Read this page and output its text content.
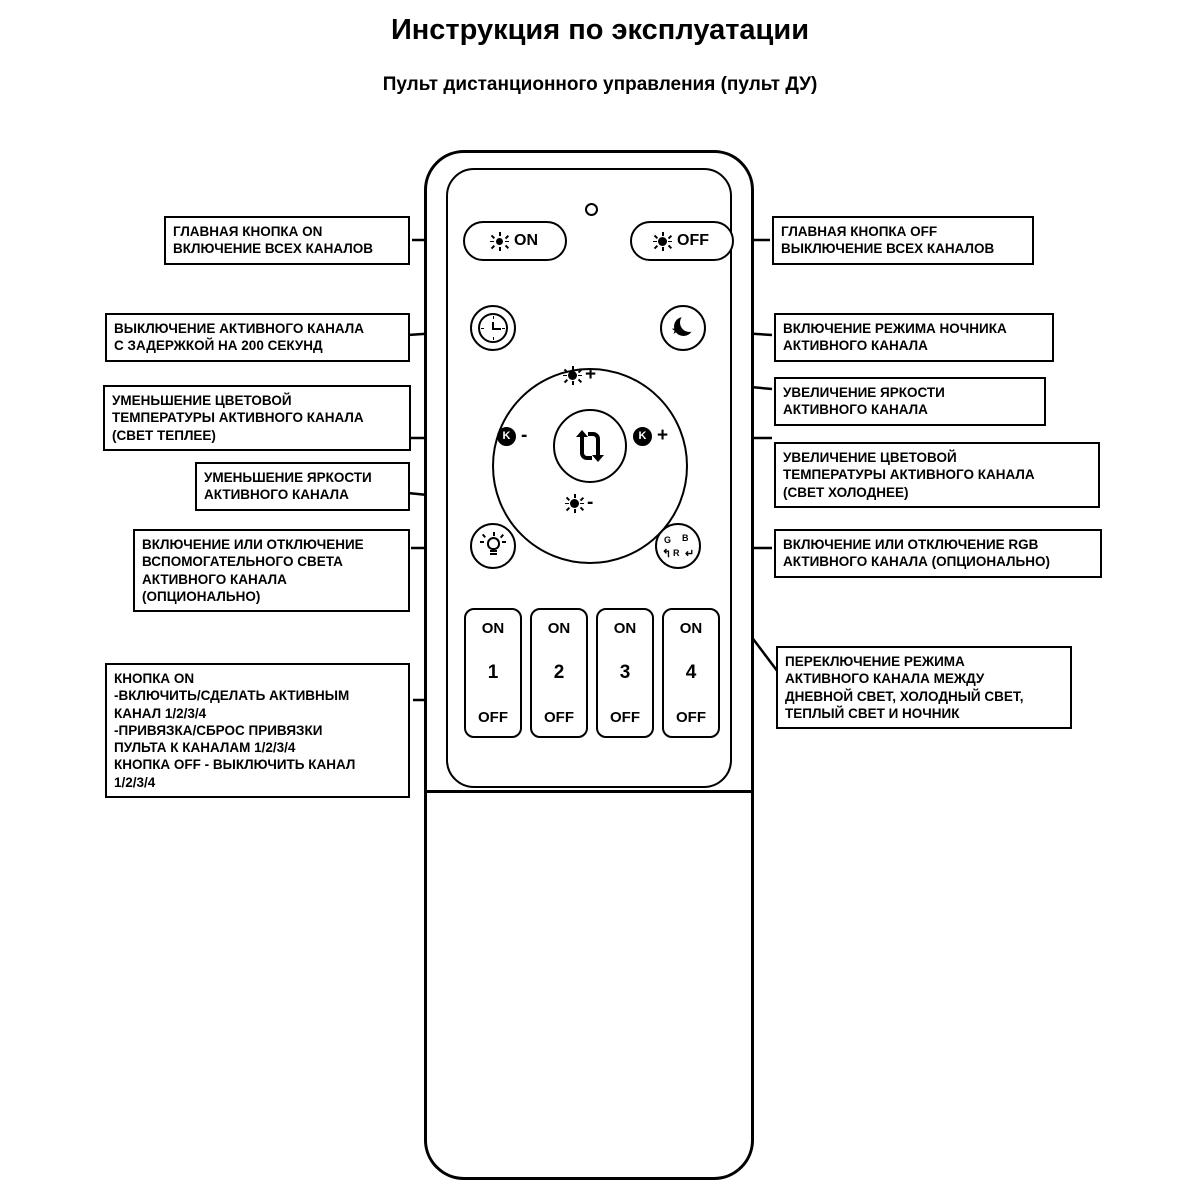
Инструкция по эксплуатации
Пульт дистанционного управления (пульт ДУ)
ON	OFF
★
G B
R ↵
↰
+
-
K -	K +
ON
1
OFF
ON
2
OFF
ON
3
OFF
ON
4
OFF
ГЛАВНАЯ КНОПКА ON
ВКЛЮЧЕНИЕ ВСЕХ КАНАЛОВ
ГЛАВНАЯ КНОПКА OFF
ВЫКЛЮЧЕНИЕ ВСЕХ КАНАЛОВ
ВЫКЛЮЧЕНИЕ АКТИВНОГО КАНАЛА
С ЗАДЕРЖКОЙ НА 200 СЕКУНД
ВКЛЮЧЕНИЕ РЕЖИМА НОЧНИКА
АКТИВНОГО КАНАЛА
УМЕНЬШЕНИЕ ЦВЕТОВОЙ
ТЕМПЕРАТУРЫ АКТИВНОГО КАНАЛА
(СВЕТ ТЕПЛЕЕ)
УВЕЛИЧЕНИЕ ЯРКОСТИ
АКТИВНОГО КАНАЛА
УМЕНЬШЕНИЕ ЯРКОСТИ
АКТИВНОГО КАНАЛА
УВЕЛИЧЕНИЕ ЦВЕТОВОЙ
ТЕМПЕРАТУРЫ АКТИВНОГО КАНАЛА
(СВЕТ ХОЛОДНЕЕ)
ВКЛЮЧЕНИЕ ИЛИ ОТКЛЮЧЕНИЕ
ВСПОМОГАТЕЛЬНОГО СВЕТА
АКТИВНОГО КАНАЛА
(ОПЦИОНАЛЬНО)
ВКЛЮЧЕНИЕ ИЛИ ОТКЛЮЧЕНИЕ RGB
АКТИВНОГО КАНАЛА (ОПЦИОНАЛЬНО)
ПЕРЕКЛЮЧЕНИЕ РЕЖИМА
АКТИВНОГО КАНАЛА МЕЖДУ
ДНЕВНОЙ СВЕТ, ХОЛОДНЫЙ СВЕТ,
ТЕПЛЫЙ СВЕТ И НОЧНИК
КНОПКА ON
-ВКЛЮЧИТЬ/СДЕЛАТЬ АКТИВНЫМ
КАНАЛ 1/2/3/4
-ПРИВЯЗКА/СБРОС ПРИВЯЗКИ
ПУЛЬТА К КАНАЛАМ 1/2/3/4
КНОПКА OFF - ВЫКЛЮЧИТЬ КАНАЛ
1/2/3/4
